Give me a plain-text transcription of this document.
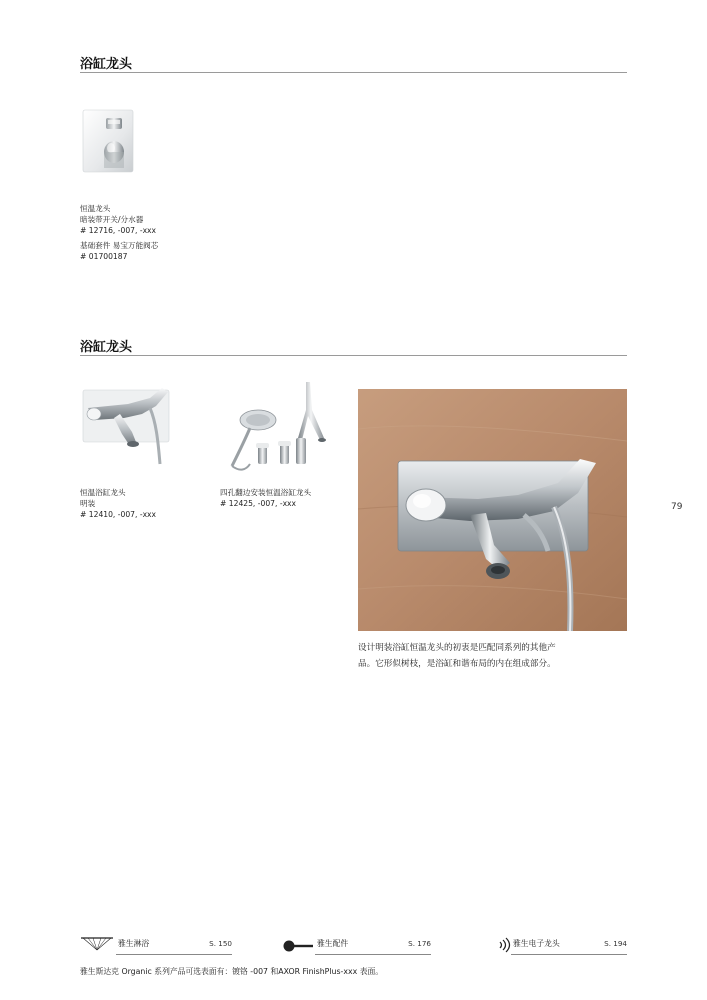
浴缸龙头
恒温龙头
暗装带开关/分水器
# 12716, -007, -xxx
基础套件 易宝万能阀芯
# 01700187
浴缸龙头
恒温浴缸龙头
明装
# 12410, -007, -xxx
四孔翻边安装恒温浴缸龙头
# 12425, -007, -xxx
设计明装浴缸恒温龙头的初衷是匹配同系列的其他产
品。它形似树枝，是浴缸和谐布局的内在组成部分。
79
雅生淋浴	S. 150	雅生配件	S. 176	雅生电子龙头	S. 194
雅生斯达克 Organic 系列产品可选表面有：镀铬 -007 和AXOR FinishPlus-xxx 表面。
